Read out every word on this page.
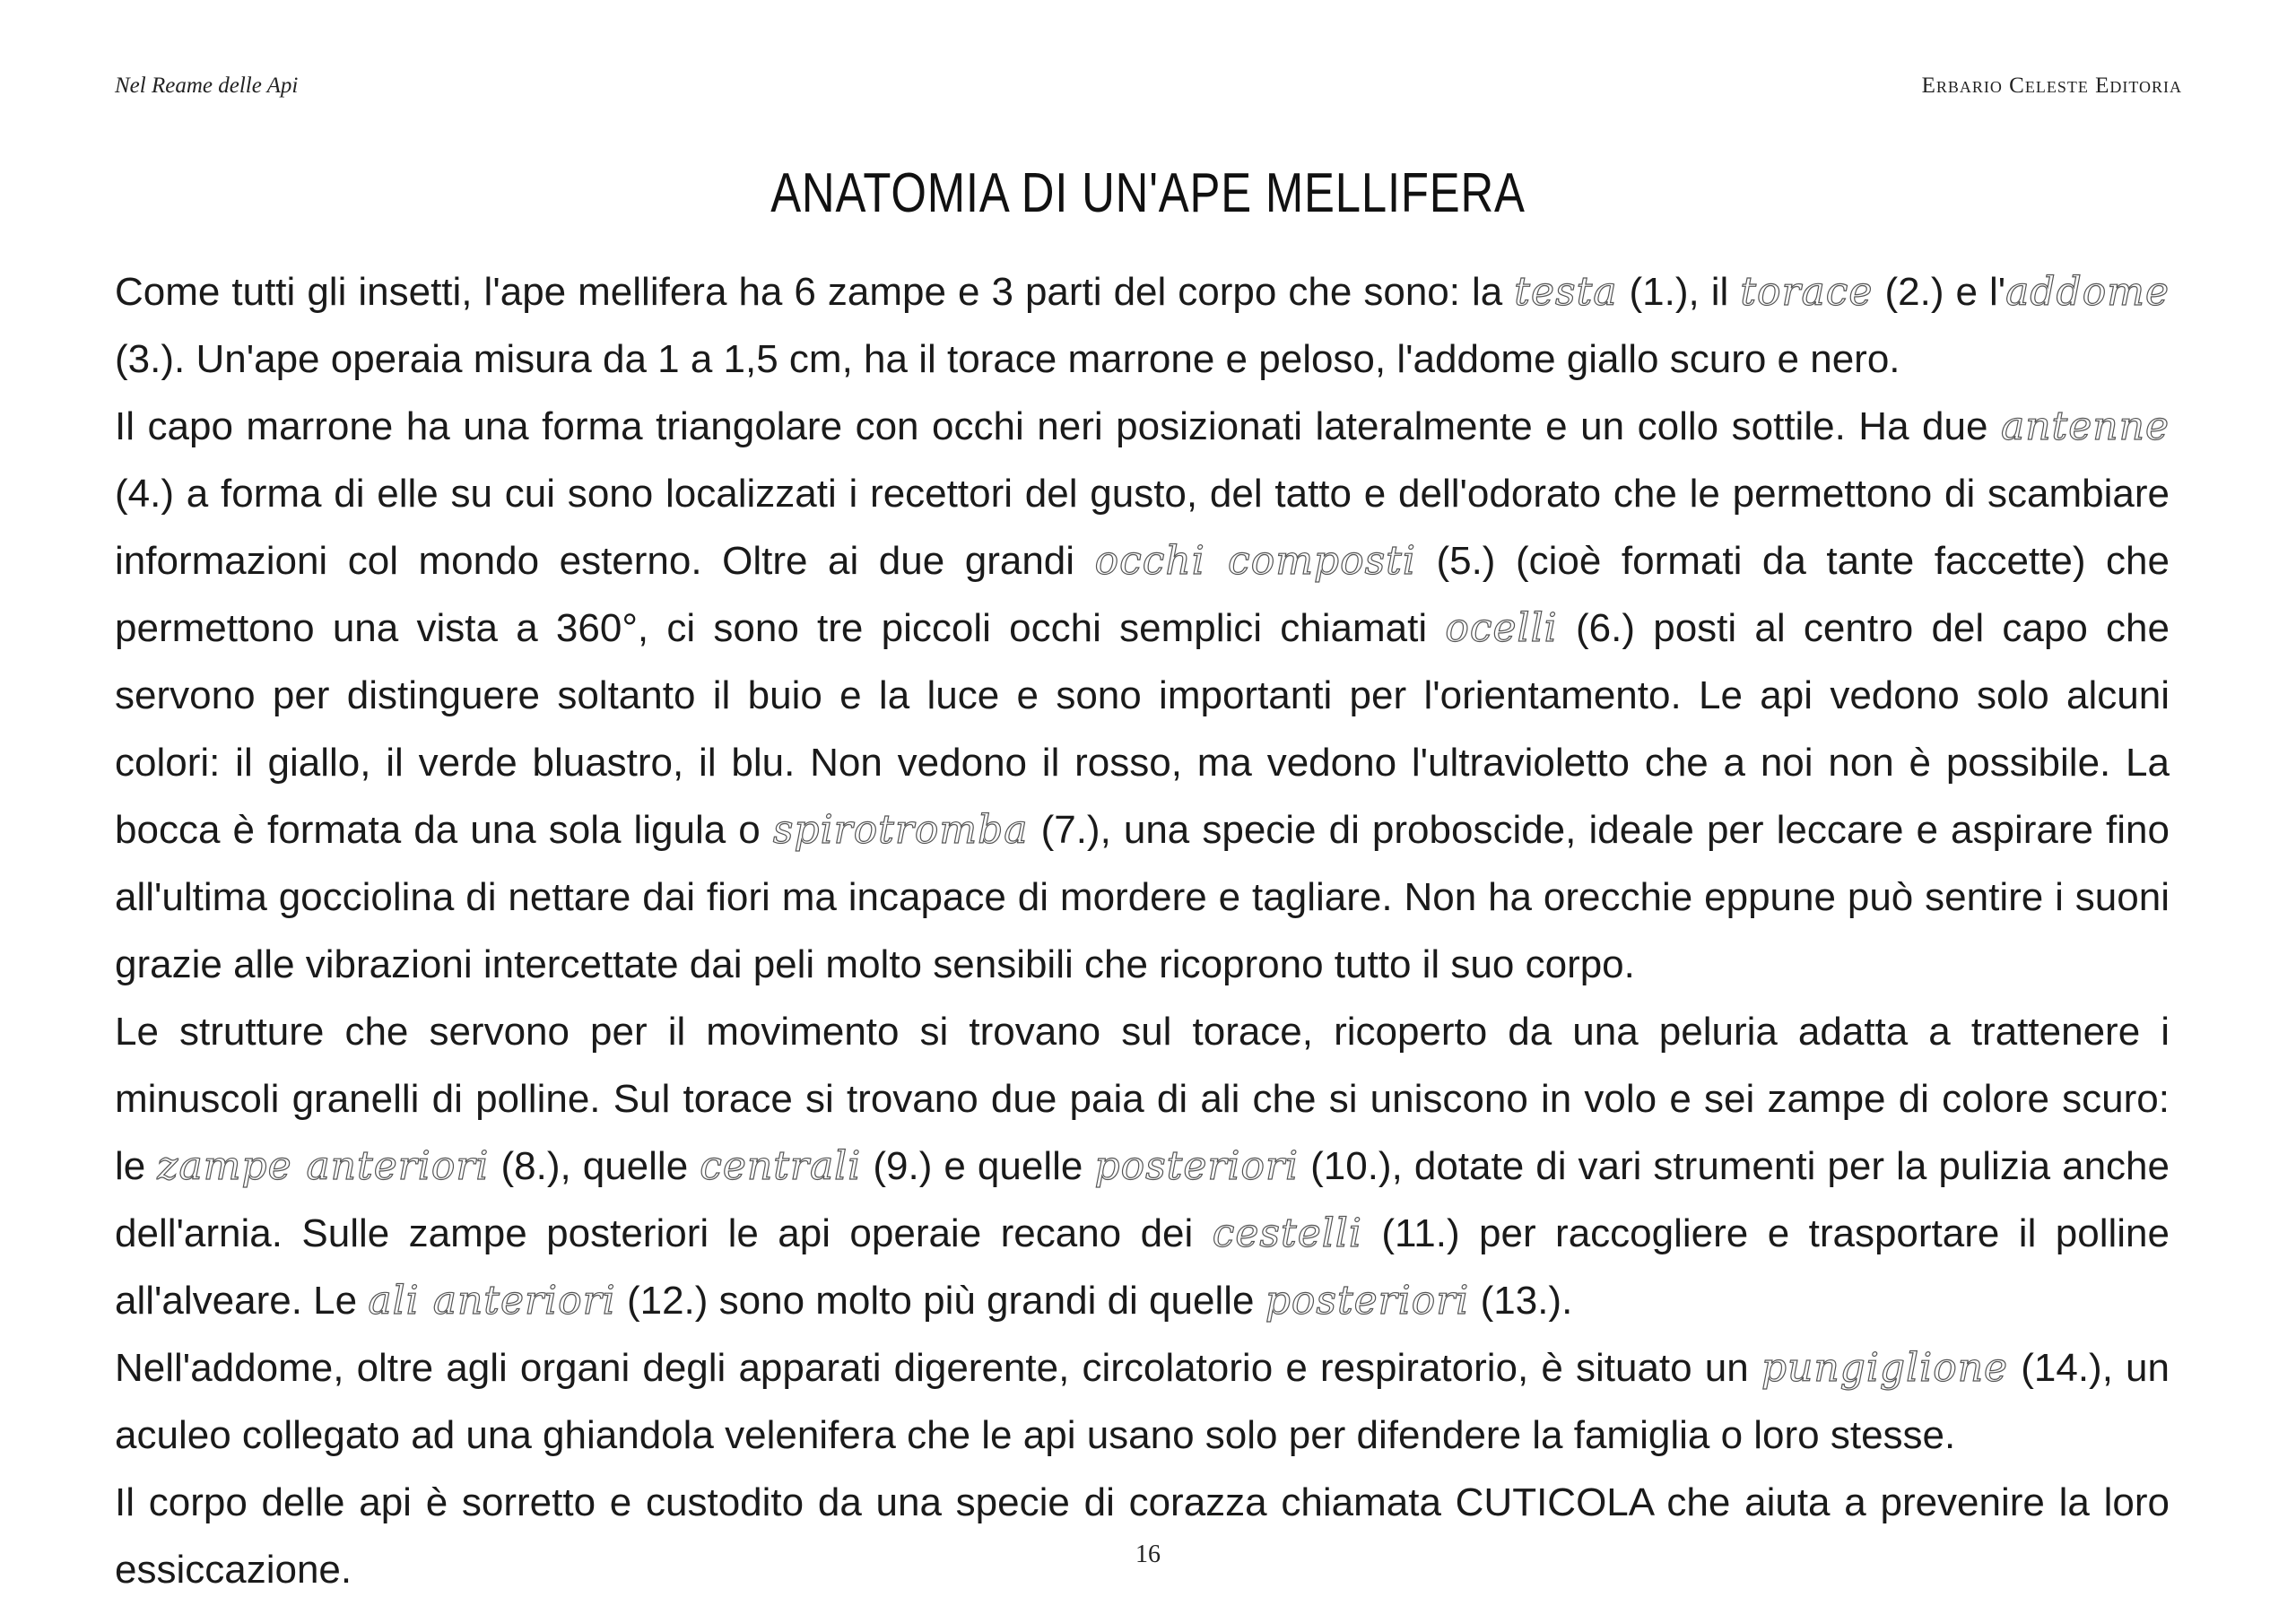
Nel Reame delle Api	Erbario Celeste Editoria
ANATOMIA DI UN'APE MELLIFERA

Come tutti gli insetti, l'ape mellifera ha 6 zampe e 3 parti del corpo che sono: la testa (1.), il torace (2.) e l'addome (3.). Un'ape operaia misura da 1 a 1,5 cm, ha il torace marrone e peloso, l'addome giallo scuro e nero.

Il capo marrone ha una forma triangolare con occhi neri posizionati lateralmente e un collo sottile. Ha due antenne (4.) a forma di elle su cui sono localizzati i recettori del gusto, del tatto e dell'odorato che le permettono di scambiare informazioni col mondo esterno. Oltre ai due grandi occhi composti (5.) (cioè formati da tante faccette) che permettono una vista a 360°, ci sono tre piccoli occhi semplici chiamati ocelli (6.) posti al centro del capo che servono per distinguere soltanto il buio e la luce e sono importanti per l'orientamento. Le api vedono solo alcuni colori: il giallo, il verde bluastro, il blu. Non vedono il rosso, ma vedono l'ultravioletto che a noi non è possibile. La bocca è formata da una sola ligula o spirotromba (7.), una specie di proboscide, ideale per leccare e aspirare fino all'ultima gocciolina di nettare dai fiori ma incapace di mordere e tagliare. Non ha orecchie eppune può sentire i suoni grazie alle vibrazioni intercettate dai peli molto sensibili che ricoprono tutto il suo corpo.

Le strutture che servono per il movimento si trovano sul torace, ricoperto da una peluria adatta a trattenere i minuscoli granelli di polline. Sul torace si trovano due paia di ali che si uniscono in volo e sei zampe di colore scuro: le zampe anteriori (8.), quelle centrali (9.) e quelle posteriori (10.), dotate di vari strumenti per la pulizia anche dell'arnia. Sulle zampe posteriori le api operaie recano dei cestelli (11.) per raccogliere e trasportare il polline all'alveare. Le ali anteriori (12.) sono molto più grandi di quelle posteriori (13.).

Nell'addome, oltre agli organi degli apparati digerente, circolatorio e respiratorio, è situato un pungiglione (14.), un aculeo collegato ad una ghiandola velenifera che le api usano solo per difendere la famiglia o loro stesse.

Il corpo delle api è sorretto e custodito da una specie di corazza chiamata CUTICOLA che aiuta a prevenire la loro essiccazione.	16
